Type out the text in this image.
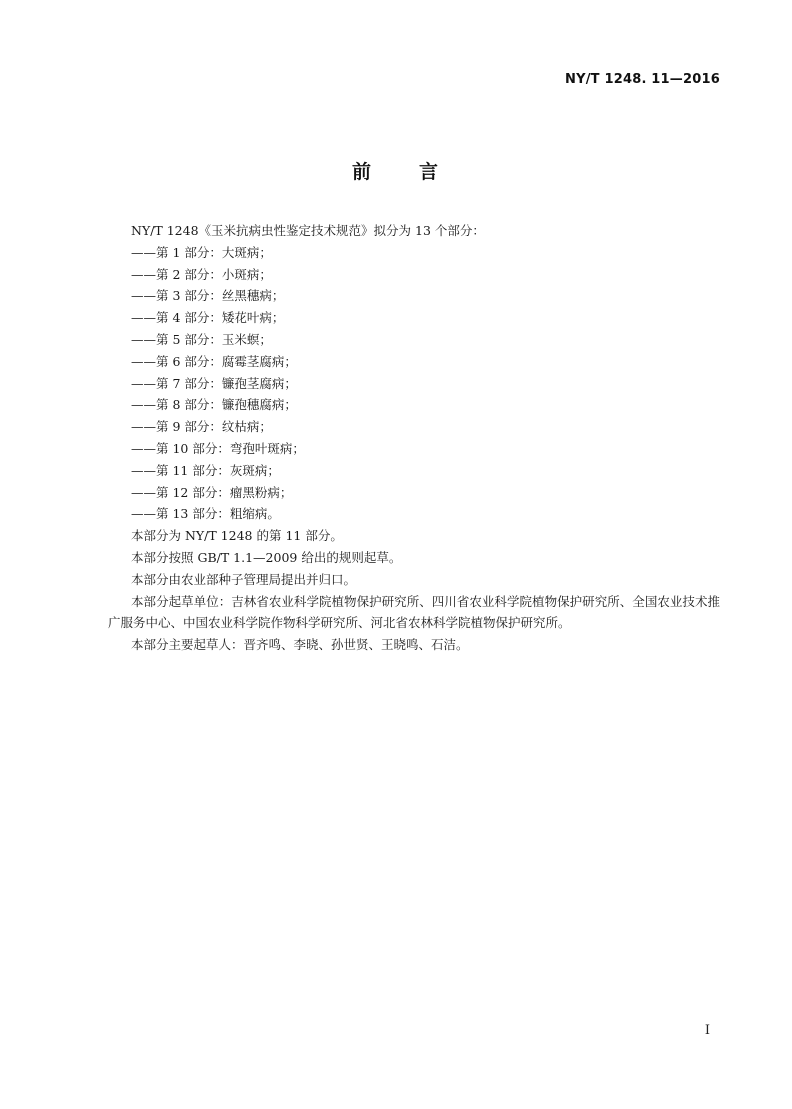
NY/T 1248. 11—2016
前 言
NY/T 1248《玉米抗病虫性鉴定技术规范》拟分为 13 个部分：
——第 1 部分：大斑病；
——第 2 部分：小斑病；
——第 3 部分：丝黑穗病；
——第 4 部分：矮花叶病；
——第 5 部分：玉米螟；
——第 6 部分：腐霉茎腐病；
——第 7 部分：镰孢茎腐病；
——第 8 部分：镰孢穗腐病；
——第 9 部分：纹枯病；
——第 10 部分：弯孢叶斑病；
——第 11 部分：灰斑病；
——第 12 部分：瘤黑粉病；
——第 13 部分：粗缩病。
本部分为 NY/T 1248 的第 11 部分。
本部分按照 GB/T 1.1—2009 给出的规则起草。
本部分由农业部种子管理局提出并归口。
本部分起草单位：吉林省农业科学院植物保护研究所、四川省农业科学院植物保护研究所、全国农业技术推广服务中心、中国农业科学院作物科学研究所、河北省农林科学院植物保护研究所。
本部分主要起草人：晋齐鸣、李晓、孙世贤、王晓鸣、石洁。
I
